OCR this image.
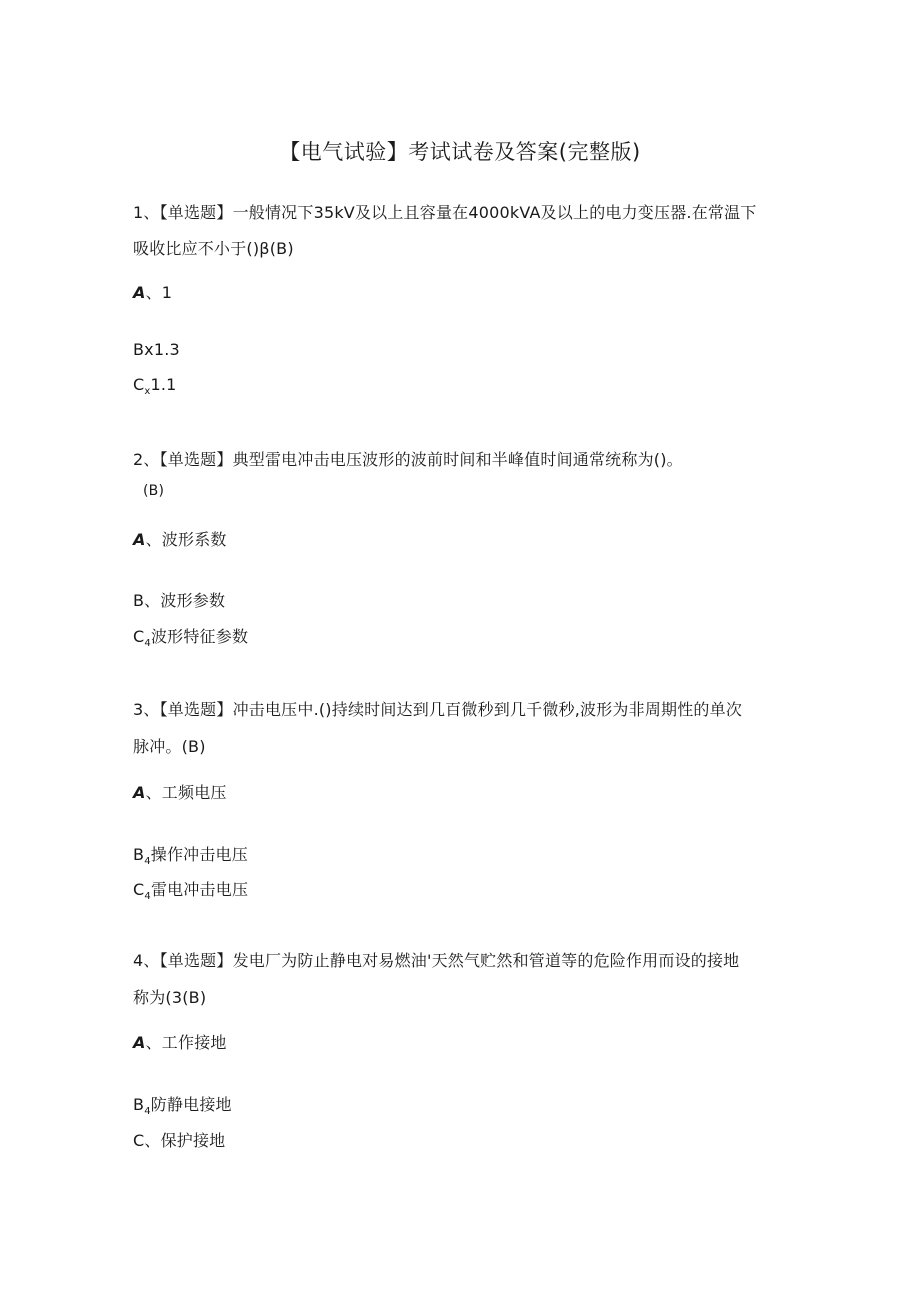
【电气试验】考试试卷及答案(完整版)
1、【单选题】一般情况下35kV及以上且容量在4000kVA及以上的电力变压器.在常温下
吸收比应不小于()β(B)
A、1
Bx1.3
$C_x1.1$
2、【单选题】典型雷电冲击电压波形的波前时间和半峰值时间通常统称为()。
(B)
A、波形系数
B、波形参数
$C_4$波形特征参数
3、【单选题】冲击电压中.()持续时间达到几百微秒到几千微秒,波形为非周期性的单次
脉冲。(B)
A、工频电压
$B_4$操作冲击电压
$C_4$雷电冲击电压
4、【单选题】发电厂为防止静电对易燃油'天然气贮然和管道等的危险作用而设的接地
称为(3(B)
A、工作接地
$B_4$防静电接地
C、保护接地
